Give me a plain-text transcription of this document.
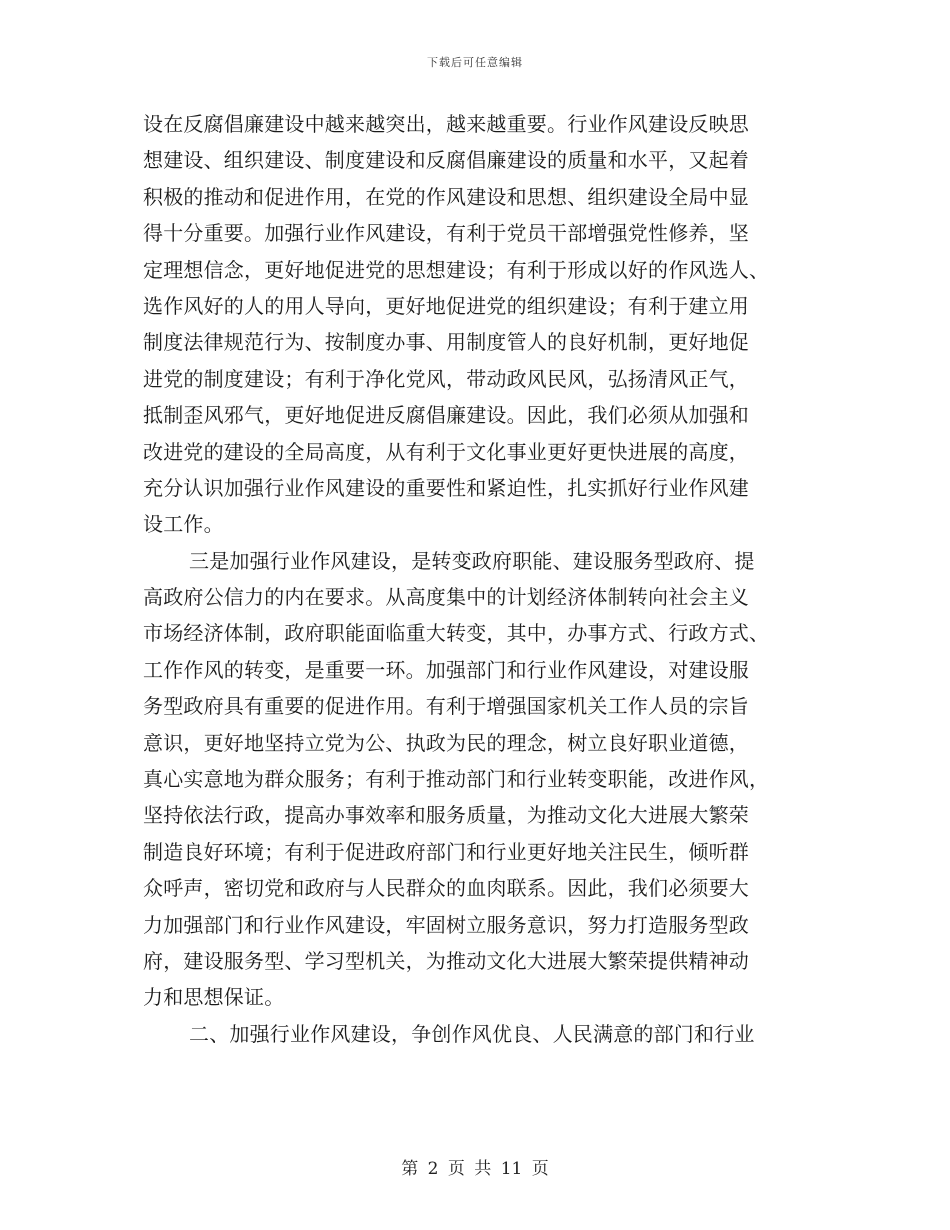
下载后可任意编辑
设在反腐倡廉建设中越来越突出，越来越重要。行业作风建设反映思
想建设、组织建设、制度建设和反腐倡廉建设的质量和水平，又起着
积极的推动和促进作用，在党的作风建设和思想、组织建设全局中显
得十分重要。加强行业作风建设，有利于党员干部增强党性修养，坚
定理想信念，更好地促进党的思想建设；有利于形成以好的作风选人、
选作风好的人的用人导向，更好地促进党的组织建设；有利于建立用
制度法律规范行为、按制度办事、用制度管人的良好机制，更好地促
进党的制度建设；有利于净化党风，带动政风民风，弘扬清风正气，
抵制歪风邪气，更好地促进反腐倡廉建设。因此，我们必须从加强和
改进党的建设的全局高度，从有利于文化事业更好更快进展的高度，
充分认识加强行业作风建设的重要性和紧迫性，扎实抓好行业作风建
设工作。
三是加强行业作风建设，是转变政府职能、建设服务型政府、提
高政府公信力的内在要求。从高度集中的计划经济体制转向社会主义
市场经济体制，政府职能面临重大转变，其中，办事方式、行政方式、
工作作风的转变，是重要一环。加强部门和行业作风建设，对建设服
务型政府具有重要的促进作用。有利于增强国家机关工作人员的宗旨
意识，更好地坚持立党为公、执政为民的理念，树立良好职业道德，
真心实意地为群众服务；有利于推动部门和行业转变职能，改进作风，
坚持依法行政，提高办事效率和服务质量，为推动文化大进展大繁荣
制造良好环境；有利于促进政府部门和行业更好地关注民生，倾听群
众呼声，密切党和政府与人民群众的血肉联系。因此，我们必须要大
力加强部门和行业作风建设，牢固树立服务意识，努力打造服务型政
府，建设服务型、学习型机关，为推动文化大进展大繁荣提供精神动
力和思想保证。
二、加强行业作风建设，争创作风优良、人民满意的部门和行业
第 2 页 共 11 页
